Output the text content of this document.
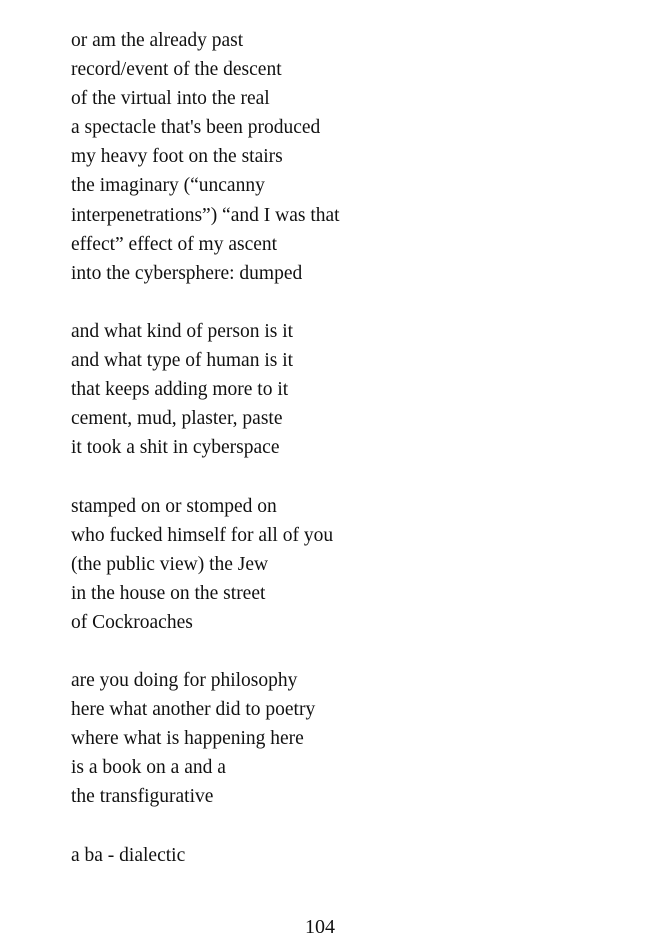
or am the already past
record/event of the descent
of the virtual into the real
a spectacle that's been produced
my heavy foot on the stairs
the imaginary (“uncanny
interpenetrations”) “and I was that
effect” effect of my ascent
into the cybersphere: dumped
and what kind of person is it
and what type of human is it
that keeps adding more to it
cement, mud, plaster, paste
it took a shit in cyberspace
stamped on or stomped on
who fucked himself for all of you
(the public view) the Jew
in the house on the street
of Cockroaches
are you doing for philosophy
here what another did to poetry
where what is happening here
is a book on a and a
the transfigurative
a ba - dialectic
104
